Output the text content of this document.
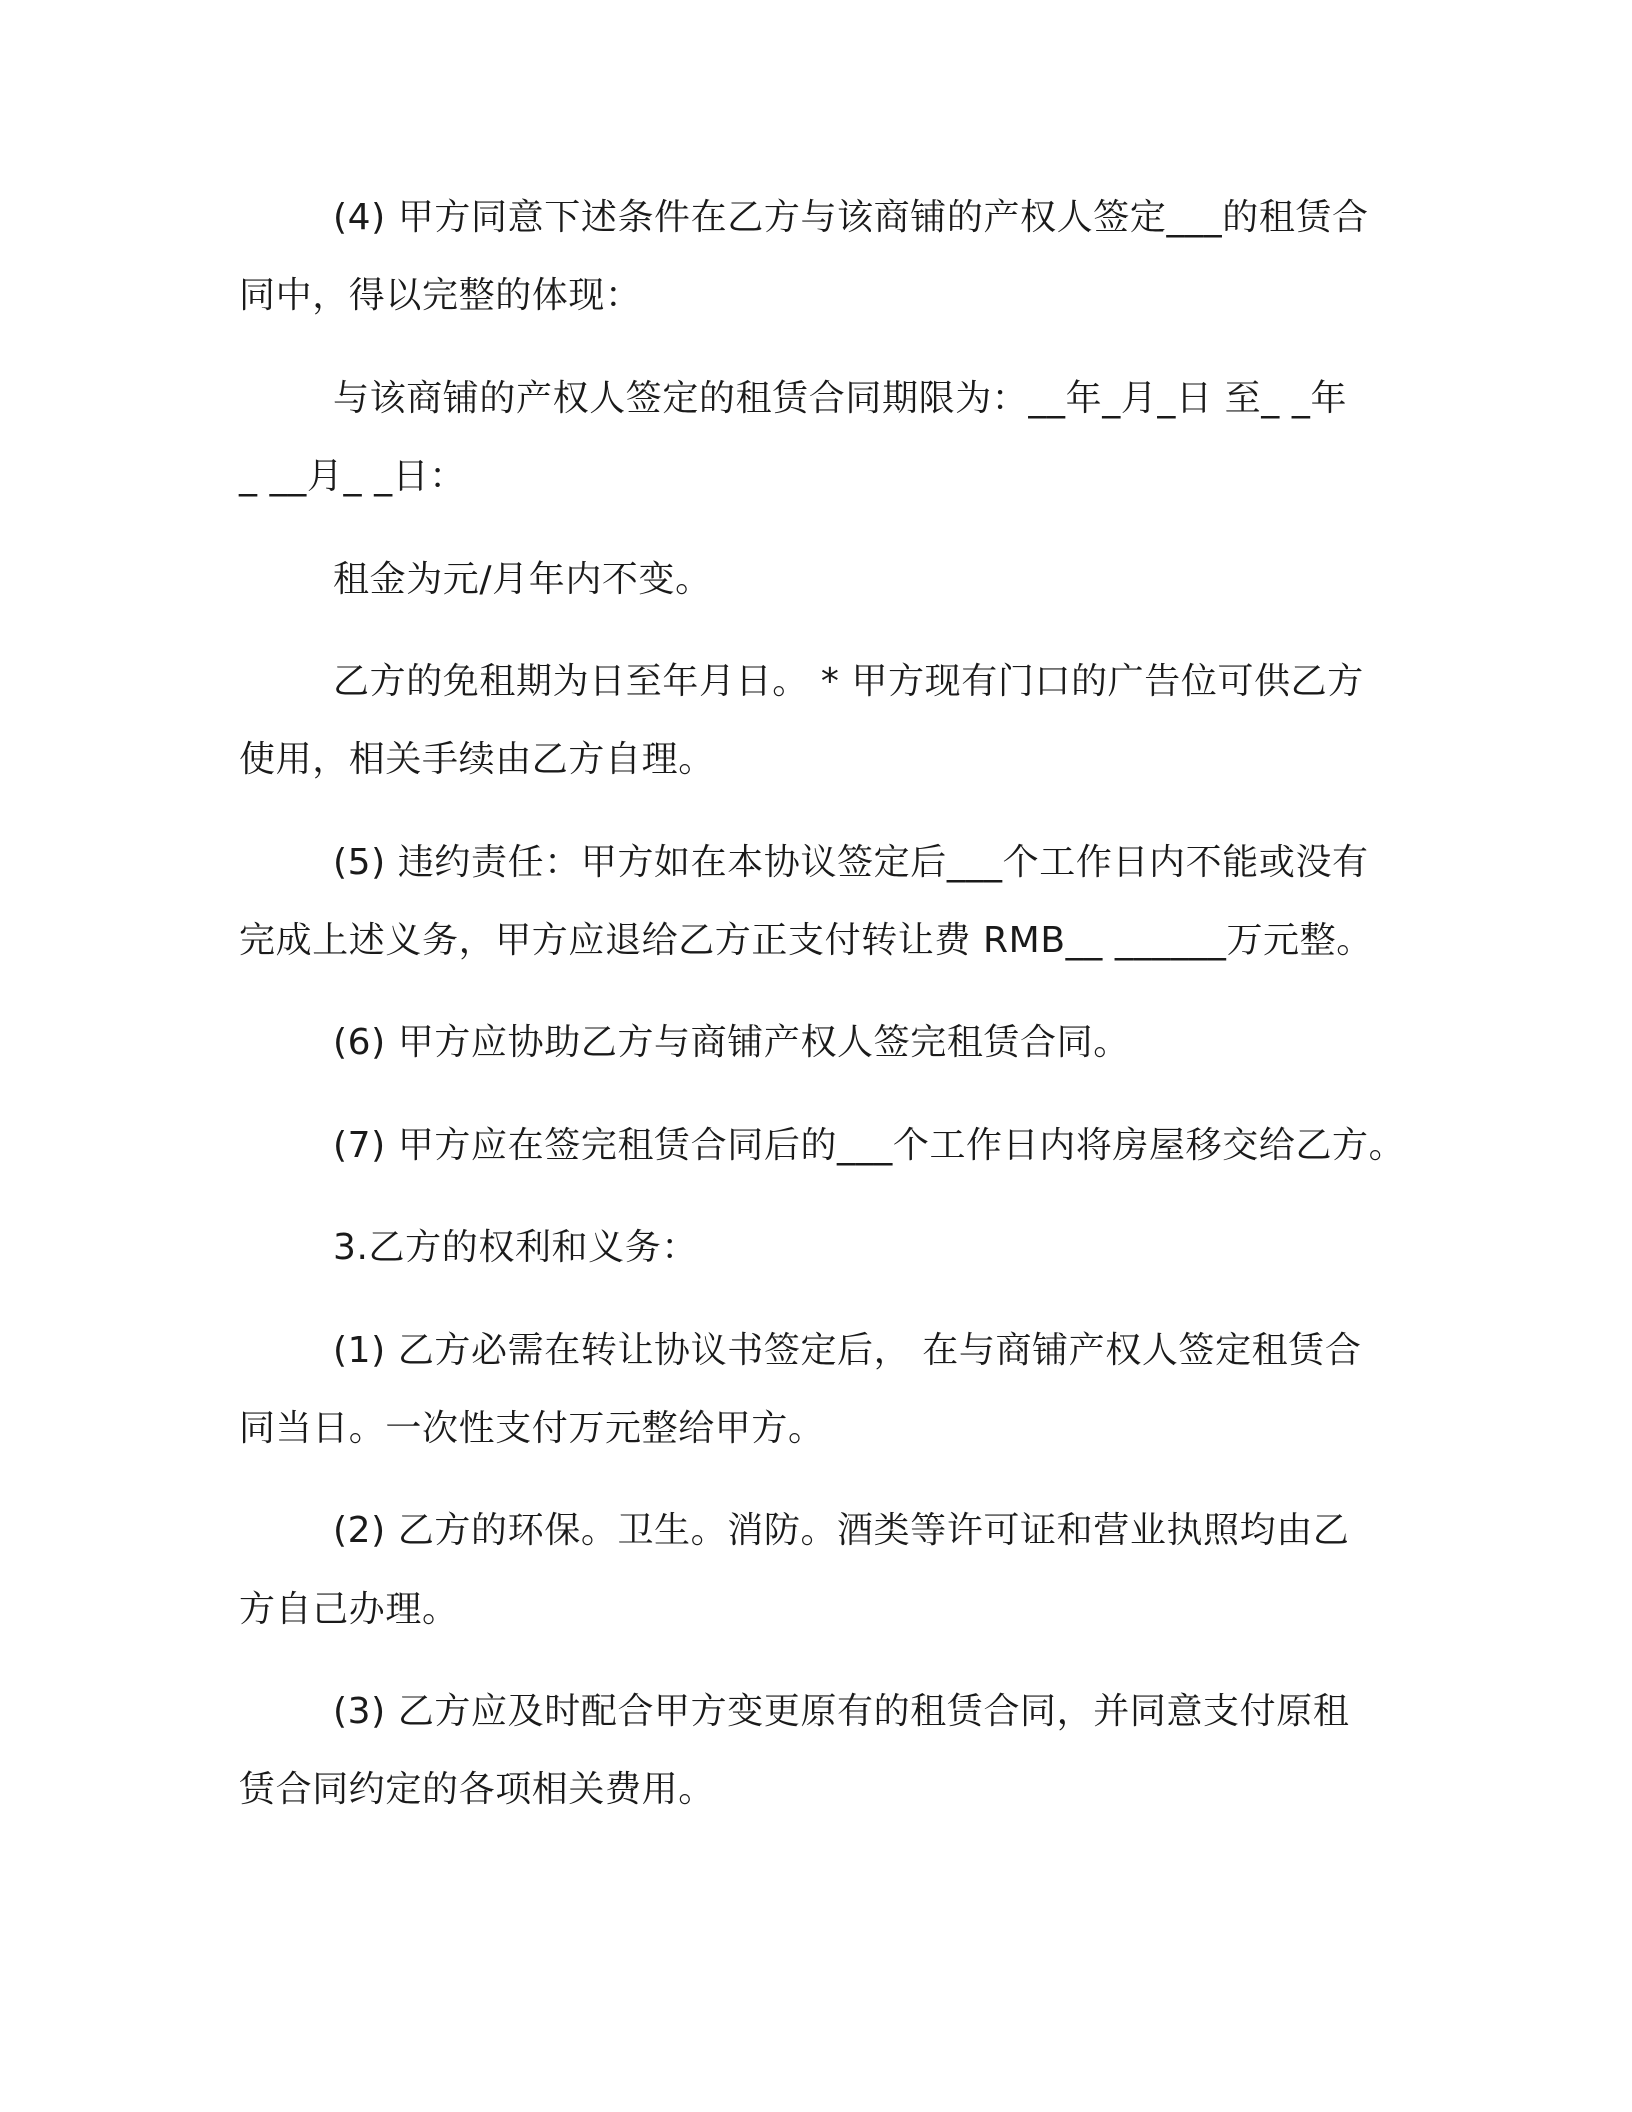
(4) 甲方同意下述条件在乙方与该商铺的产权人签定___的租赁合
同中，得以完整的体现：
与该商铺的产权人签定的租赁合同期限为：__年_月_日 至_ _年
_ __月_ _日：
租金为元/月年内不变。
乙方的免租期为日至年月日。 * 甲方现有门口的广告位可供乙方
使用，相关手续由乙方自理。
(5) 违约责任：甲方如在本协议签定后___个工作日内不能或没有
完成上述义务，甲方应退给乙方正支付转让费 RMB__ ______万元整。
(6) 甲方应协助乙方与商铺产权人签完租赁合同。
(7) 甲方应在签完租赁合同后的___个工作日内将房屋移交给乙方。
3.乙方的权利和义务：
(1) 乙方必需在转让协议书签定后， 在与商铺产权人签定租赁合
同当日。一次性支付万元整给甲方。
(2) 乙方的环保。卫生。消防。酒类等许可证和营业执照均由乙
方自己办理。
(3) 乙方应及时配合甲方变更原有的租赁合同，并同意支付原租
赁合同约定的各项相关费用。
